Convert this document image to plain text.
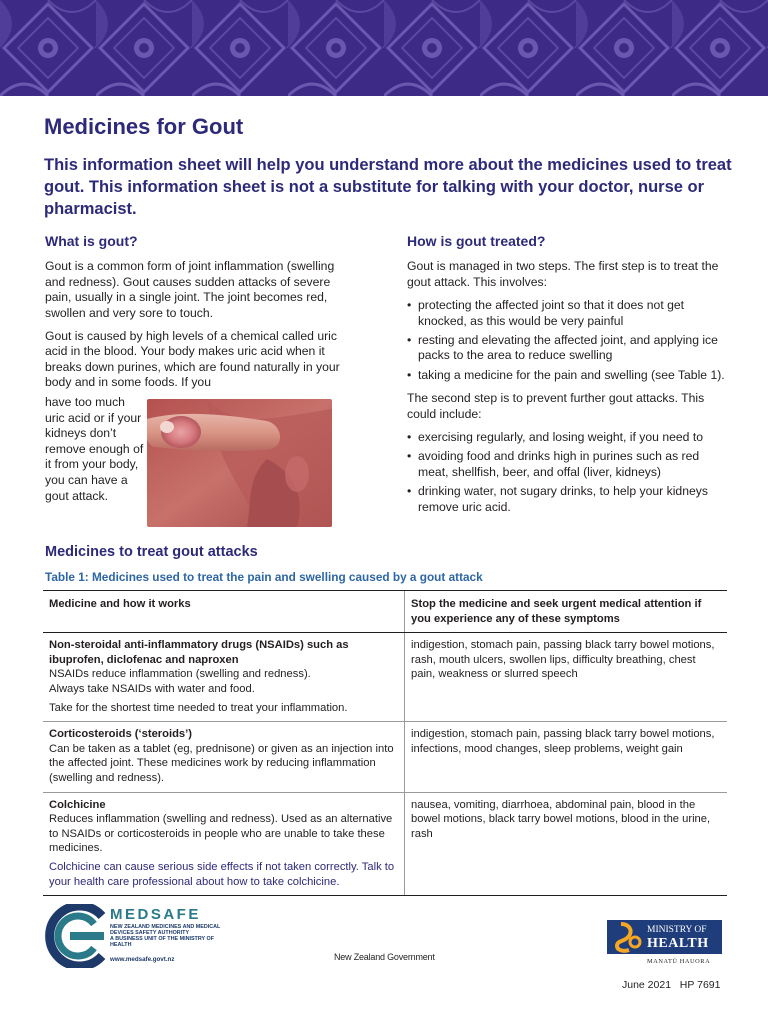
Medicines for Gout
This information sheet will help you understand more about the medicines used to treat gout. This information sheet is not a substitute for talking with your doctor, nurse or pharmacist.
What is gout?

Gout is a common form of joint inflammation (swelling and redness). Gout causes sudden attacks of severe pain, usually in a single joint. The joint becomes red, swollen and very sore to touch.

Gout is caused by high levels of a chemical called uric acid in the blood. Your body makes uric acid when it breaks down purines, which are found naturally in your body and in some foods. If you

have too much uric acid or if your kidneys don’t remove enough of it from your body, you can have a gout attack.
How is gout treated?

Gout is managed in two steps. The first step is to treat the gout attack. This involves:

• protecting the affected joint so that it does not get knocked, as this would be very painful
• resting and elevating the affected joint, and applying ice packs to the area to reduce swelling
• taking a medicine for the pain and swelling (see Table 1).

The second step is to prevent further gout attacks. This could include:

• exercising regularly, and losing weight, if you need to
• avoiding food and drinks high in purines such as red meat, shellfish, beer, and offal (liver, kidneys)
• drinking water, not sugary drinks, to help your kidneys remove uric acid.
Medicines to treat gout attacks
Table 1: Medicines used to treat the pain and swelling caused by a gout attack
Medicine and how it works	Stop the medicine and seek urgent medical attention if you experience any of these symptoms
Non-steroidal anti-inflammatory drugs (NSAIDs) such as ibuprofen, diclofenac and naproxen
NSAIDs reduce inflammation (swelling and redness).
Always take NSAIDs with water and food.
Take for the shortest time needed to treat your inflammation.
indigestion, stomach pain, passing black tarry bowel motions, rash, mouth ulcers, swollen lips, difficulty breathing, chest pain, weakness or slurred speech
Corticosteroids (‘steroids’)
Can be taken as a tablet (eg, prednisone) or given as an injection into the affected joint. These medicines work by reducing inflammation (swelling and redness).
indigestion, stomach pain, passing black tarry bowel motions, infections, mood changes, sleep problems, weight gain
Colchicine
Reduces inflammation (swelling and redness). Used as an alternative to NSAIDs or corticosteroids in people who are unable to take these medicines.
Colchicine can cause serious side effects if not taken correctly. Talk to your health care professional about how to take colchicine.
nausea, vomiting, diarrhoea, abdominal pain, blood in the bowel motions, black tarry bowel motions, blood in the urine, rash
MEDSAFE
NEW ZEALAND MEDICINES AND MEDICAL DEVICES SAFETY AUTHORITY
A BUSINESS UNIT OF THE MINISTRY OF HEALTH
www.medsafe.govt.nz	New Zealand Government
MINISTRY OF
HEALTH
MANATŪ HAUORA
June 2021   HP 7691
